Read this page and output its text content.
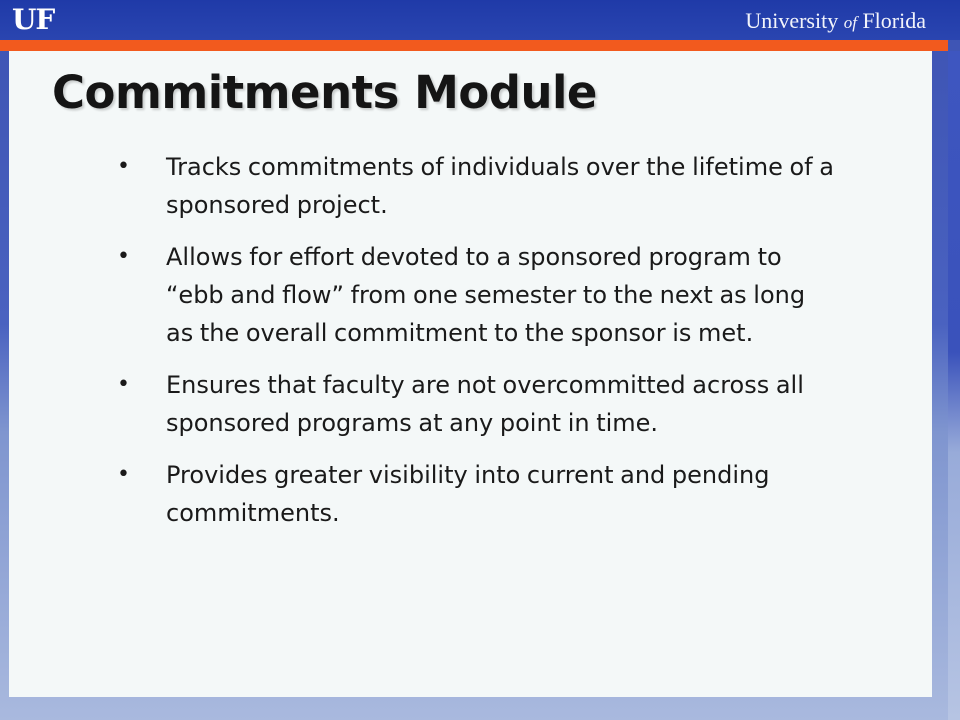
UF	University of Florida
Commitments Module
• Tracks commitments of individuals over the lifetime of a sponsored project.
• Allows for effort devoted to a sponsored program to “ebb and flow” from one semester to the next as long as the overall commitment to the sponsor is met.
• Ensures that faculty are not overcommitted across all sponsored programs at any point in time.
• Provides greater visibility into current and pending commitments.
